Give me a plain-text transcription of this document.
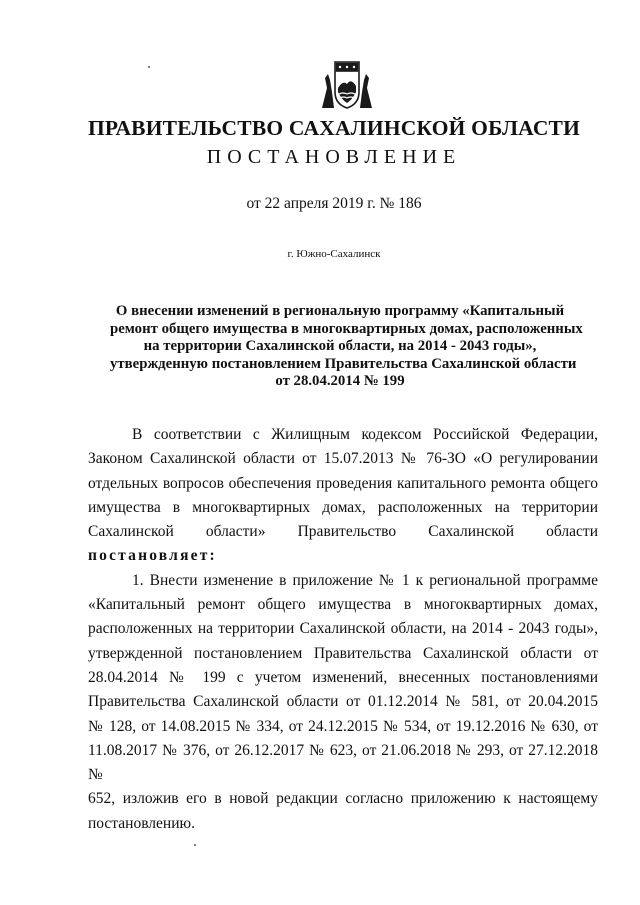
ПРАВИТЕЛЬСТВО САХАЛИНСКОЙ ОБЛАСТИ
ПОСТАНОВЛЕНИЕ
от 22 апреля 2019 г. № 186
г. Южно-Сахалинск
О внесении изменений в региональную программу «Капитальный
ремонт общего имущества в многоквартирных домах, расположенных
на территории Сахалинской области, на 2014 - 2043 годы»,
утвержденную постановлением Правительства Сахалинской области
от 28.04.2014 № 199
В соответствии с Жилищным кодексом Российской Федерации,
Законом Сахалинской области от 15.07.2013 № 76-ЗО «О регулировании
отдельных вопросов обеспечения проведения капитального ремонта общего
имущества в многоквартирных домах, расположенных на территории
Сахалинской области» Правительство Сахалинской области
постановляет:
1. Внести изменение в приложение № 1 к региональной программе
«Капитальный ремонт общего имущества в многоквартирных домах,
расположенных на территории Сахалинской области, на 2014 - 2043 годы»,
утвержденной постановлением Правительства Сахалинской области от
28.04.2014 № 199 с учетом изменений, внесенных постановлениями
Правительства Сахалинской области от 01.12.2014 № 581, от 20.04.2015
№ 128, от 14.08.2015 № 334, от 24.12.2015 № 534, от 19.12.2016 № 630, от
11.08.2017 № 376, от 26.12.2017 № 623, от 21.06.2018 № 293, от 27.12.2018 №
652, изложив его в новой редакции согласно приложению к настоящему
постановлению.
